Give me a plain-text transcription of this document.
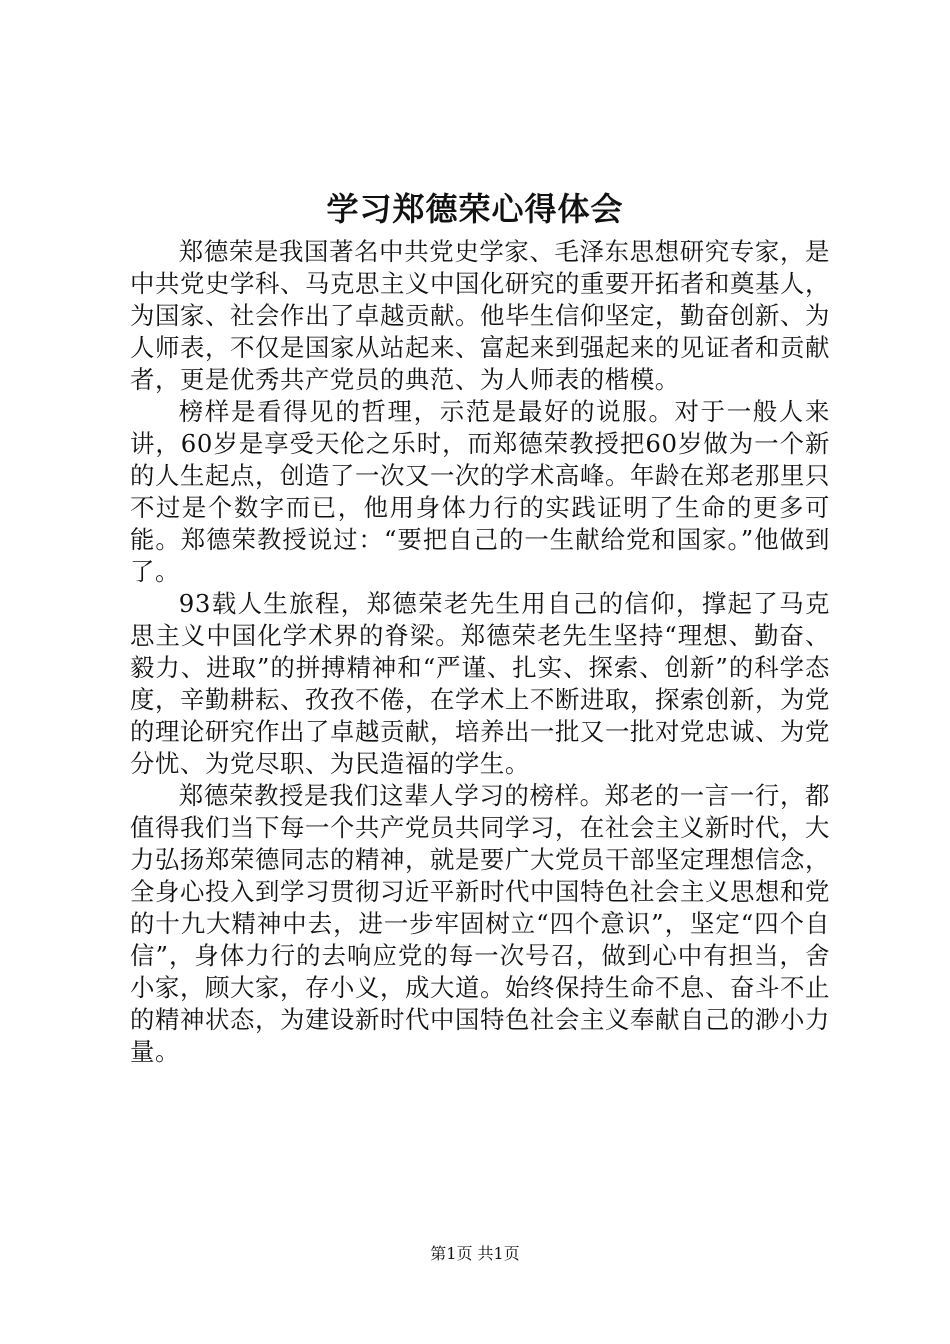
学习郑德荣心得体会

郑德荣是我国著名中共党史学家、毛泽东思想研究专家，是中共党史学科、马克思主义中国化研究的重要开拓者和奠基人，为国家、社会作出了卓越贡献。他毕生信仰坚定，勤奋创新、为人师表，不仅是国家从站起来、富起来到强起来的见证者和贡献者，更是优秀共产党员的典范、为人师表的楷模。

榜样是看得见的哲理，示范是最好的说服。对于一般人来讲，60岁是享受天伦之乐时，而郑德荣教授把60岁做为一个新的人生起点，创造了一次又一次的学术高峰。年龄在郑老那里只不过是个数字而已，他用身体力行的实践证明了生命的更多可能。郑德荣教授说过：“要把自己的一生献给党和国家。”他做到了。

93载人生旅程，郑德荣老先生用自己的信仰，撑起了马克思主义中国化学术界的脊梁。郑德荣老先生坚持“理想、勤奋、毅力、进取”的拼搏精神和“严谨、扎实、探索、创新”的科学态度，辛勤耕耘、孜孜不倦，在学术上不断进取，探索创新，为党的理论研究作出了卓越贡献，培养出一批又一批对党忠诚、为党分忧、为党尽职、为民造福的学生。

郑德荣教授是我们这辈人学习的榜样。郑老的一言一行，都值得我们当下每一个共产党员共同学习，在社会主义新时代，大力弘扬郑荣德同志的精神，就是要广大党员干部坚定理想信念，全身心投入到学习贯彻习近平新时代中国特色社会主义思想和党的十九大精神中去，进一步牢固树立“四个意识”，坚定“四个自信”，身体力行的去响应党的每一次号召，做到心中有担当，舍小家，顾大家，存小义，成大道。始终保持生命不息、奋斗不止的精神状态，为建设新时代中国特色社会主义奉献自己的渺小力量。

第1页 共1页
